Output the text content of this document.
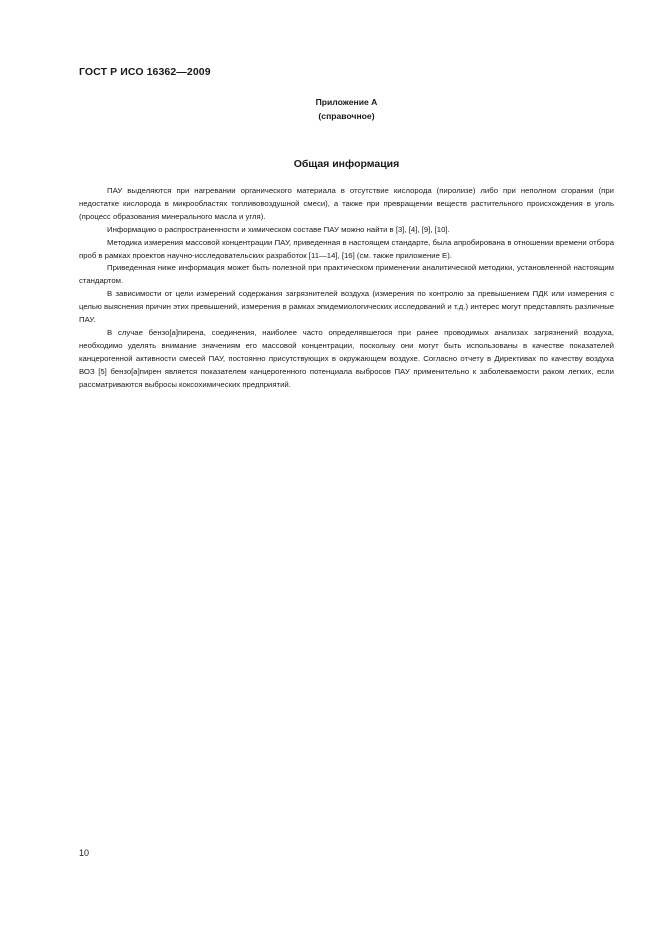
ГОСТ Р ИСО 16362—2009
Приложение А
(справочное)
Общая информация

ПАУ выделяются при нагревании органического материала в отсутствие кислорода (пиролизе) либо при неполном сгорании (при недостатке кислорода в микрообластях топливовоздушной смеси), а также при превращении веществ растительного происхождения в уголь (процесс образования минерального масла и угля).

Информацию о распространенности и химическом составе ПАУ можно найти в [3], [4], [9], [10].

Методика измерения массовой концентрации ПАУ, приведенная в настоящем стандарте, была апробирована в отношении времени отбора проб в рамках проектов научно-исследовательских разработок [11—14], [16] (см. также приложение Е).

Приведенная ниже информация может быть полезной при практическом применении аналитической методики, установленной настоящим стандартом.

В зависимости от цели измерений содержания загрязнителей воздуха (измерения по контролю за превышением ПДК или измерения с целью выяснения причин этих превышений, измерения в рамках эпидемиологических исследований и т.д.) интерес могут представлять различные ПАУ.

В случае бензо[а]пирена, соединения, наиболее часто определявшегося при ранее проводимых анализах загрязнений воздуха, необходимо уделять внимание значениям его массовой концентрации, поскольку они могут быть использованы в качестве показателей канцерогенной активности смесей ПАУ, постоянно присутствующих в окружающем воздухе. Согласно отчету в Директивах по качеству воздуха ВОЗ [5] бензо[а]пирен является показателем канцерогенного потенциала выбросов ПАУ применительно к заболеваемости раком легких, если рассматриваются выбросы коксохимических предприятий.

10
